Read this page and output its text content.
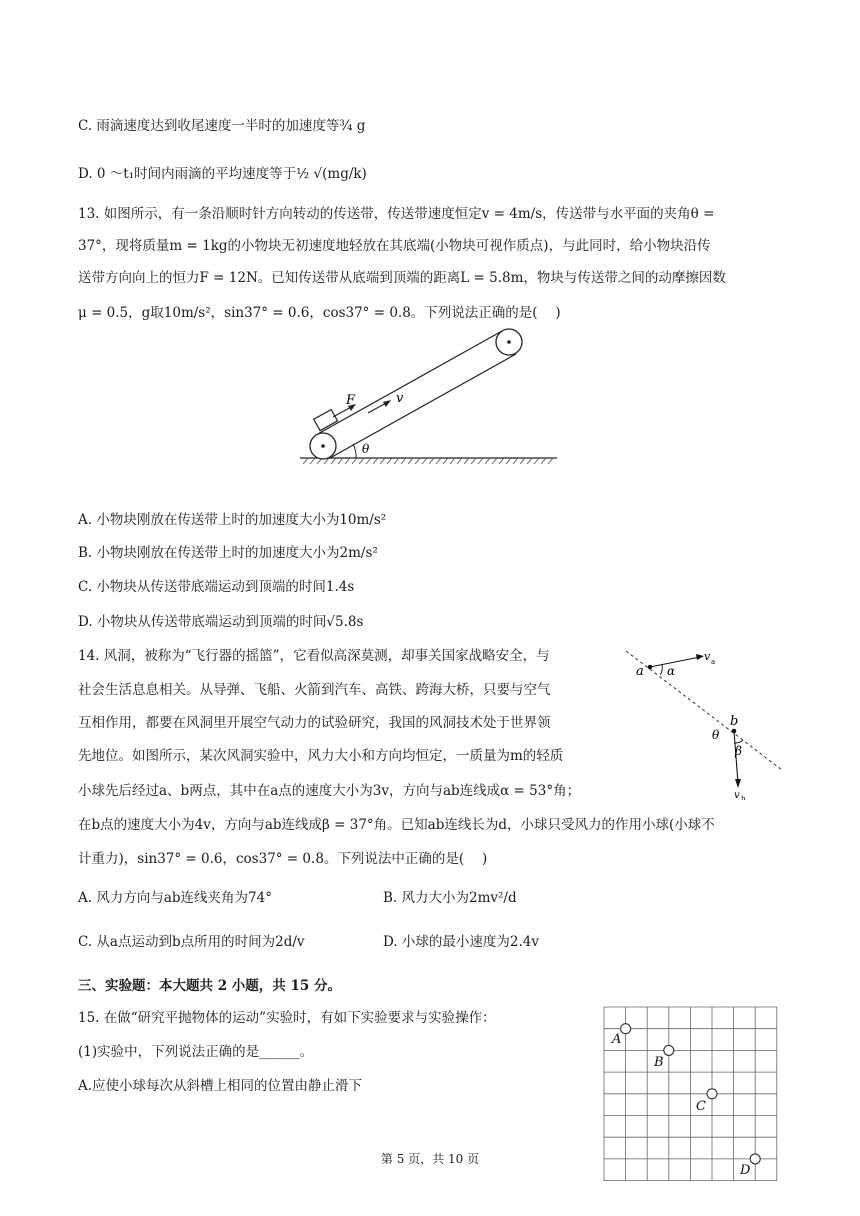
C. 雨滴速度达到收尾速度一半时的加速度等¾ g
D. 0 ～t₁时间内雨滴的平均速度等于½ √(mg/k)
13. 如图所示，有一条沿顺时针方向转动的传送带，传送带速度恒定v = 4m/s，传送带与水平面的夹角θ =
37°，现将质量m = 1kg的小物块无初速度地轻放在其底端(小物块可视作质点)，与此同时，给小物块沿传
送带方向向上的恒力F = 12N。已知传送带从底端到顶端的距离L = 5.8m，物块与传送带之间的动摩擦因数
μ = 0.5，g取10m/s²，sin37° = 0.6，cos37° = 0.8。下列说法正确的是(　 )
F	v
θ
A. 小物块刚放在传送带上时的加速度大小为10m/s²
B. 小物块刚放在传送带上时的加速度大小为2m/s²
C. 小物块从传送带底端运动到顶端的时间1.4s
D. 小物块从传送带底端运动到顶端的时间√5.8s
14. 风洞，被称为“飞行器的摇篮”，它看似高深莫测，却事关国家战略安全，与
社会生活息息相关。从导弹、飞船、火箭到汽车、高铁、跨海大桥，只要与空气
互相作用，都要在风洞里开展空气动力的试验研究，我国的风洞技术处于世界领
先地位。如图所示，某次风洞实验中，风力大小和方向均恒定，一质量为m的轻质
小球先后经过a、b两点，其中在a点的速度大小为3v，方向与ab连线成α = 53°角；
在b点的速度大小为4v，方向与ab连线成β = 37°角。已知ab连线长为d，小球只受风力的作用小球(小球不
计重力)，sin37° = 0.6，cos37° = 0.8。下列说法中正确的是(　 )
v a
α
a
v b
β
θ
b
A. 风力方向与ab连线夹角为74°	B. 风力大小为2mv²/d
C. 从a点运动到b点所用的时间为2d/v	D. 小球的最小速度为2.4v
三、实验题：本大题共 2 小题，共 15 分。
15. 在做“研究平抛物体的运动”实验时，有如下实验要求与实验操作：
(1)实验中，下列说法正确的是______。
A.应使小球每次从斜槽上相同的位置由静止滑下
A
B
C
D
第 5 页，共 10 页
